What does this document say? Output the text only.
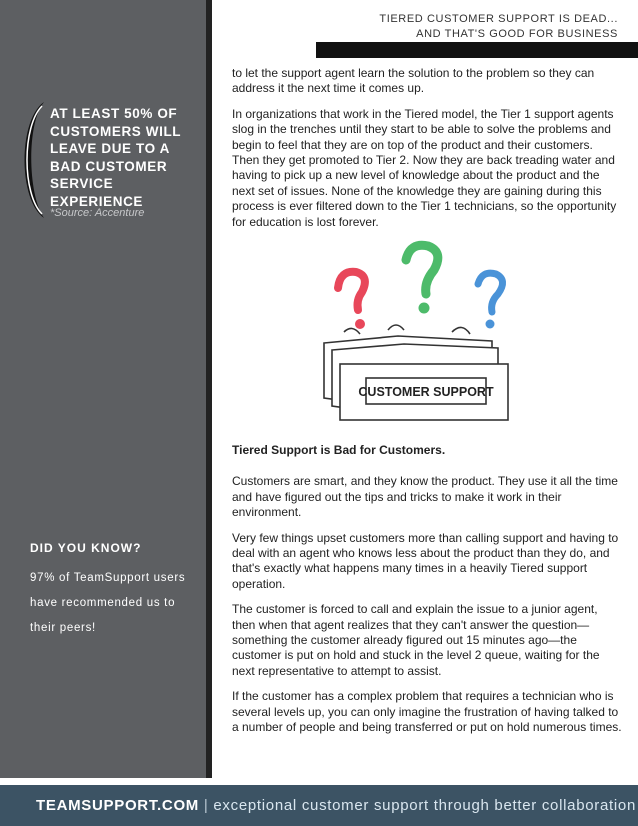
AT LEAST 50% OF
CUSTOMERS WILL
LEAVE DUE TO A
BAD CUSTOMER
SERVICE
EXPERIENCE
*Source: Accenture
DID YOU KNOW?
97% of TeamSupport users have recommended us to their peers!
TIERED CUSTOMER SUPPORT IS DEAD...
AND THAT'S GOOD FOR BUSINESS

to let the support agent learn the solution to the problem so they can address it the next time it comes up.

In organizations that work in the Tiered model, the Tier 1 support agents slog in the trenches until they start to be able to solve the problems and begin to feel that they are on top of the product and their customers. Then they get promoted to Tier 2. Now they are back treading water and having to pick up a new level of knowledge about the product and the next set of issues. None of the knowledge they are gaining during this process is ever filtered down to the Tier 1 technicians, so the opportunity for education is lost forever.

CUSTOMER SUPPORT
Tiered Support is Bad for Customers.

Customers are smart, and they know the product. They use it all the time and have figured out the tips and tricks to make it work in their environment.

Very few things upset customers more than calling support and having to deal with an agent who knows less about the product than they do, and that's exactly what happens many times in a heavily Tiered support operation.

The customer is forced to call and explain the issue to a junior agent, then when that agent realizes that they can't answer the question—something the customer already figured out 15 minutes ago—the customer is put on hold and stuck in the level 2 queue, waiting for the next representative to attempt to assist.

If the customer has a complex problem that requires a technician who is several levels up, you can only imagine the frustration of having talked to a number of people and being transferred or put on hold numerous times.

TEAMSUPPORT.COM | exceptional customer support through better collaboration
